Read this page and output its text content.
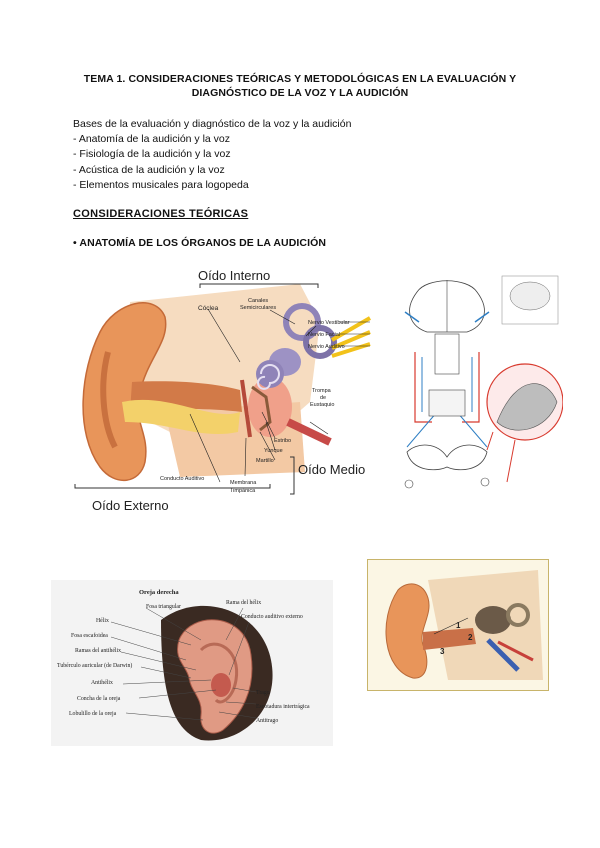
TEMA 1. CONSIDERACIONES TEÓRICAS Y METODOLÓGICAS EN LA EVALUACIÓN Y
DIAGNÓSTICO DE LA VOZ Y LA AUDICIÓN
Bases de la evaluación y diagnóstico de la voz y la audición
- Anatomía de la audición y la voz
- Fisiología de la audición y la voz
- Acústica de la audición y la voz
- Elementos musicales para logopeda
CONSIDERACIONES TEÓRICAS
• ANATOMÍA DE LOS ÓRGANOS DE LA AUDICIÓN
Oído Interno
Cóclea
Canales
Semicirculares
Nervio Vestibular
Nervio Facial
Nervio Auditivo
Trompa
de
Eustaquio
Estribo
Yunque
Martillo
Membrana
Timpánica
Conducto Auditivo
Oído Medio
Oído Externo
Oreja derecha
Fosa triangular
Hélix
Fosa escafoidea
Ramas del antihélix
Tubérculo auricular (de Darwin)
Antihélix
Concha de la oreja
Lobulillo de la oreja
Rama del hélix
Conducto auditivo externo
Trago
Escotadura intertrágica
Antitrago
1
2
3
